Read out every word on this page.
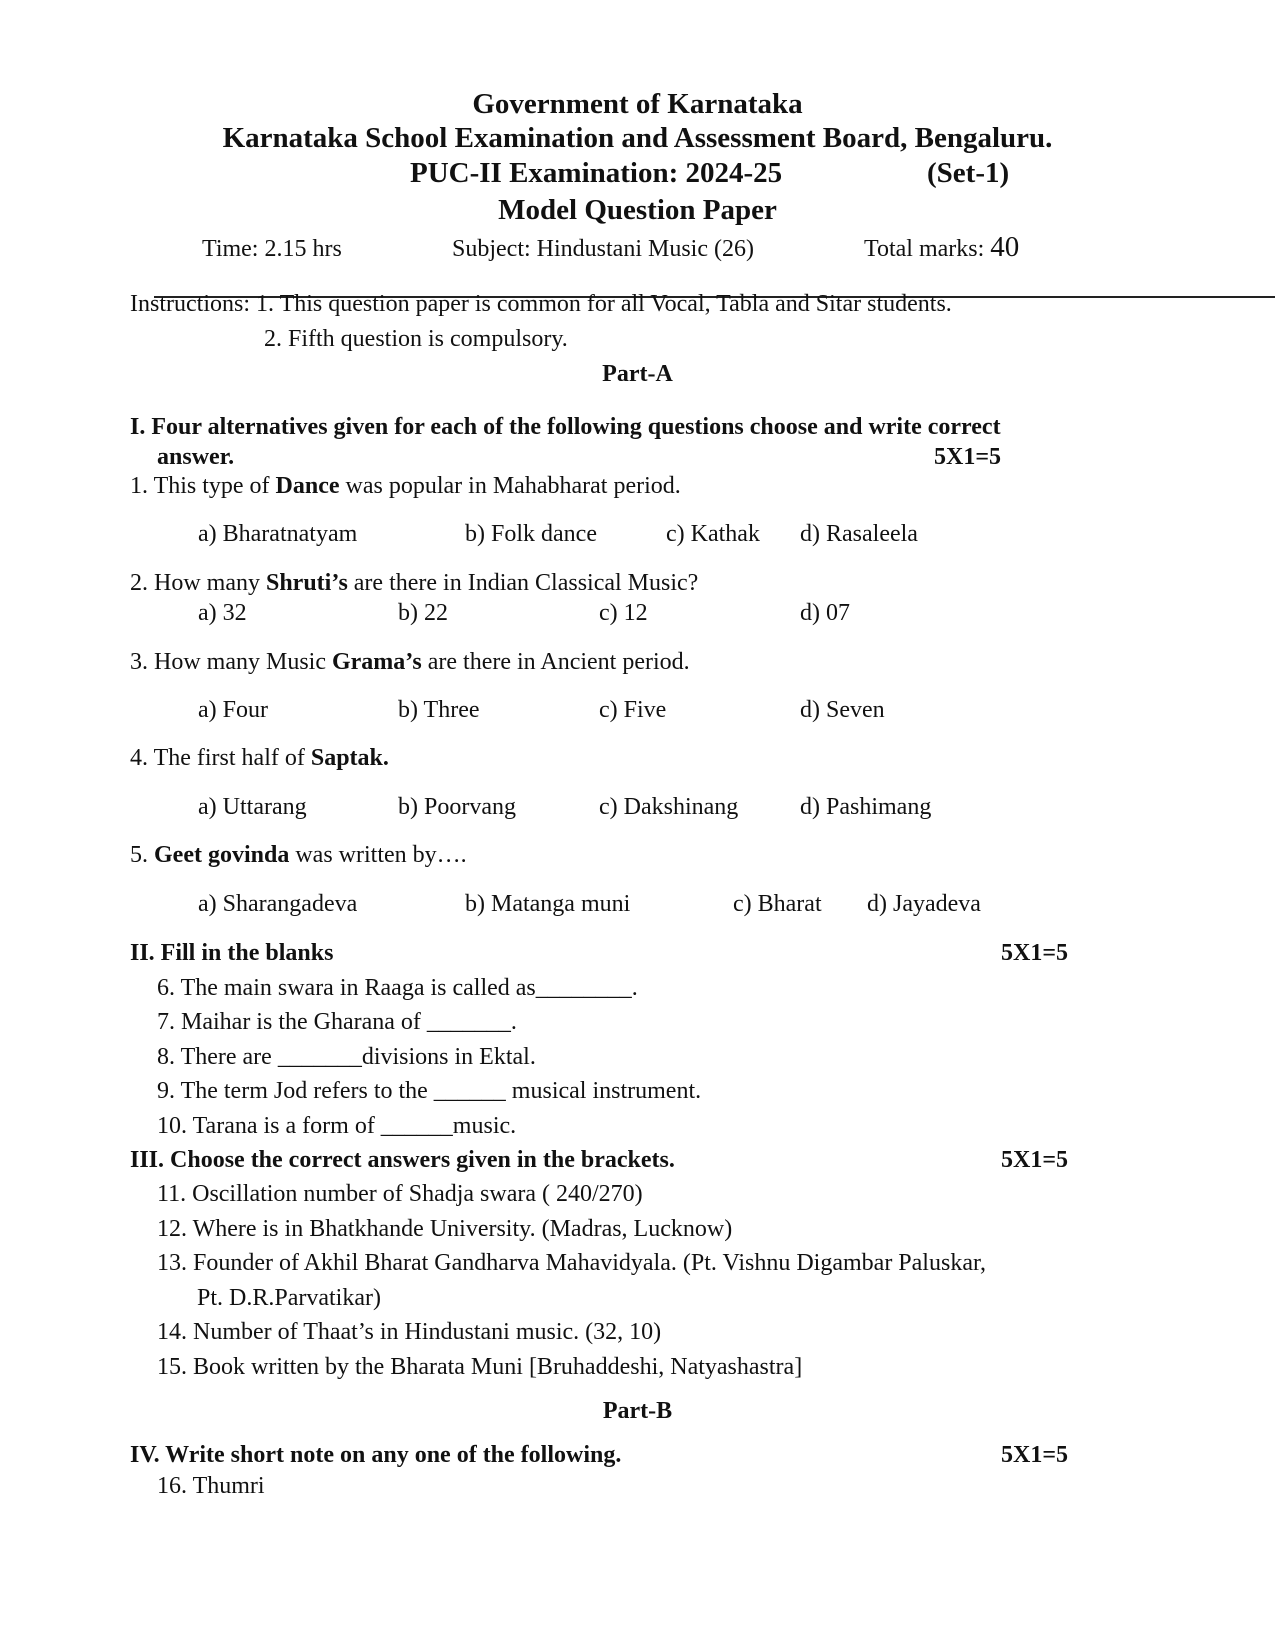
Government of Karnataka
Karnataka School Examination and Assessment Board, Bengaluru.
PUC-II Examination: 2024-25	(Set-1)
Model Question Paper
Time: 2.15 hrs	Subject: Hindustani Music (26)	Total marks: 40
Instructions: 1. This question paper is common for all Vocal, Tabla and Sitar students.
2. Fifth question is compulsory.
Part-A
I. Four alternatives given for each of the following questions choose and write correct
answer.	5X1=5
1. This type of Dance was popular in Mahabharat period.
a) Bharatnatyam	b) Folk dance	c) Kathak d) Rasaleela
2. How many Shruti’s are there in Indian Classical Music?
a) 32	b) 22	c) 12	d) 07
3. How many Music Grama’s are there in Ancient period.
a) Four	b) Three	c) Five	d) Seven
4. The first half of Saptak.
a) Uttarang	b) Poorvang	c) Dakshinang	d) Pashimang
5. Geet govinda was written by….
a) Sharangadeva	b) Matanga muni	c) Bharat d) Jayadeva
II. Fill in the blanks	5X1=5
6. The main swara in Raaga is called as________.
7. Maihar is the Gharana of _______.
8. There are _______divisions in Ektal.
9. The term Jod refers to the ______ musical instrument.
10. Tarana is a form of ______music.
III. Choose the correct answers given in the brackets.	5X1=5
11. Oscillation number of Shadja swara ( 240/270)
12. Where is in Bhatkhande University. (Madras, Lucknow)
13. Founder of Akhil Bharat Gandharva Mahavidyala. (Pt. Vishnu Digambar Paluskar,
Pt. D.R.Parvatikar)
14. Number of Thaat’s in Hindustani music. (32, 10)
15. Book written by the Bharata Muni [Bruhaddeshi, Natyashastra]
Part-B
IV. Write short note on any one of the following.	5X1=5
16. Thumri
